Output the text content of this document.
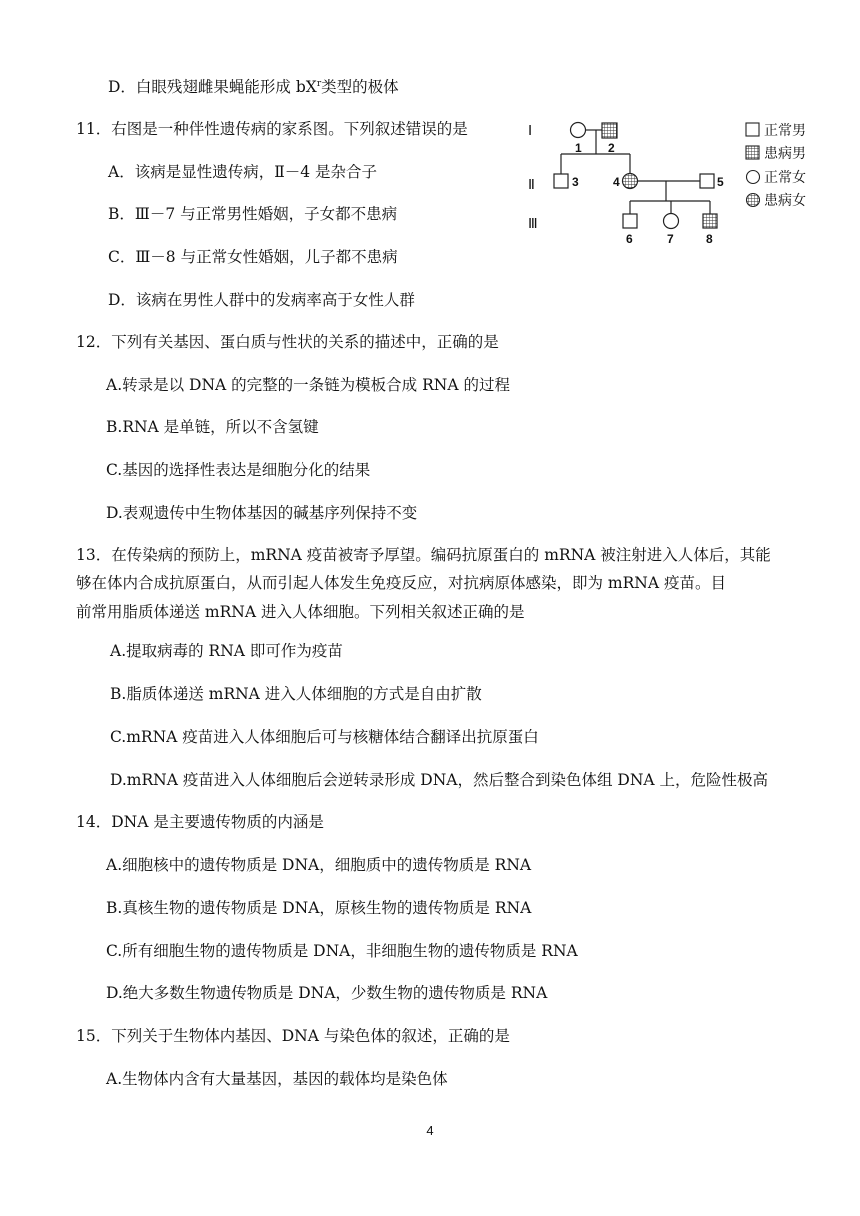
D．白眼残翅雌果蝇能形成 $bX^r$类型的极体
11．右图是一种伴性遗传病的家系图。下列叙述错误的是
A．该病是显性遗传病，Ⅱ－4 是杂合子
B．Ⅲ－7 与正常男性婚姻，子女都不患病
C．Ⅲ－8 与正常女性婚姻，儿子都不患病
D．该病在男性人群中的发病率高于女性人群
Ⅰ
Ⅱ
Ⅲ
1 2
3	4	5
6	7	8
正常男
患病男
正常女
患病女
12．下列有关基因、蛋白质与性状的关系的描述中，正确的是
A.转录是以 DNA 的完整的一条链为模板合成 RNA 的过程
B.RNA 是单链，所以不含氢键
C.基因的选择性表达是细胞分化的结果
D.表观遗传中生物体基因的碱基序列保持不变
13．在传染病的预防上，mRNA 疫苗被寄予厚望。编码抗原蛋白的 mRNA 被注射进入人体后，其能
够在体内合成抗原蛋白，从而引起人体发生免疫反应，对抗病原体感染，即为 mRNA 疫苗。目
前常用脂质体递送 mRNA 进入人体细胞。下列相关叙述正确的是
A.提取病毒的 RNA 即可作为疫苗
B.脂质体递送 mRNA 进入人体细胞的方式是自由扩散
C.mRNA 疫苗进入人体细胞后可与核糖体结合翻译出抗原蛋白
D.mRNA 疫苗进入人体细胞后会逆转录形成 DNA，然后整合到染色体组 DNA 上，危险性极高
14．DNA 是主要遗传物质的内涵是
A.细胞核中的遗传物质是 DNA，细胞质中的遗传物质是 RNA
B.真核生物的遗传物质是 DNA，原核生物的遗传物质是 RNA
C.所有细胞生物的遗传物质是 DNA，非细胞生物的遗传物质是 RNA
D.绝大多数生物遗传物质是 DNA，少数生物的遗传物质是 RNA
15．下列关于生物体内基因、DNA 与染色体的叙述，正确的是
A.生物体内含有大量基因，基因的载体均是染色体
4
